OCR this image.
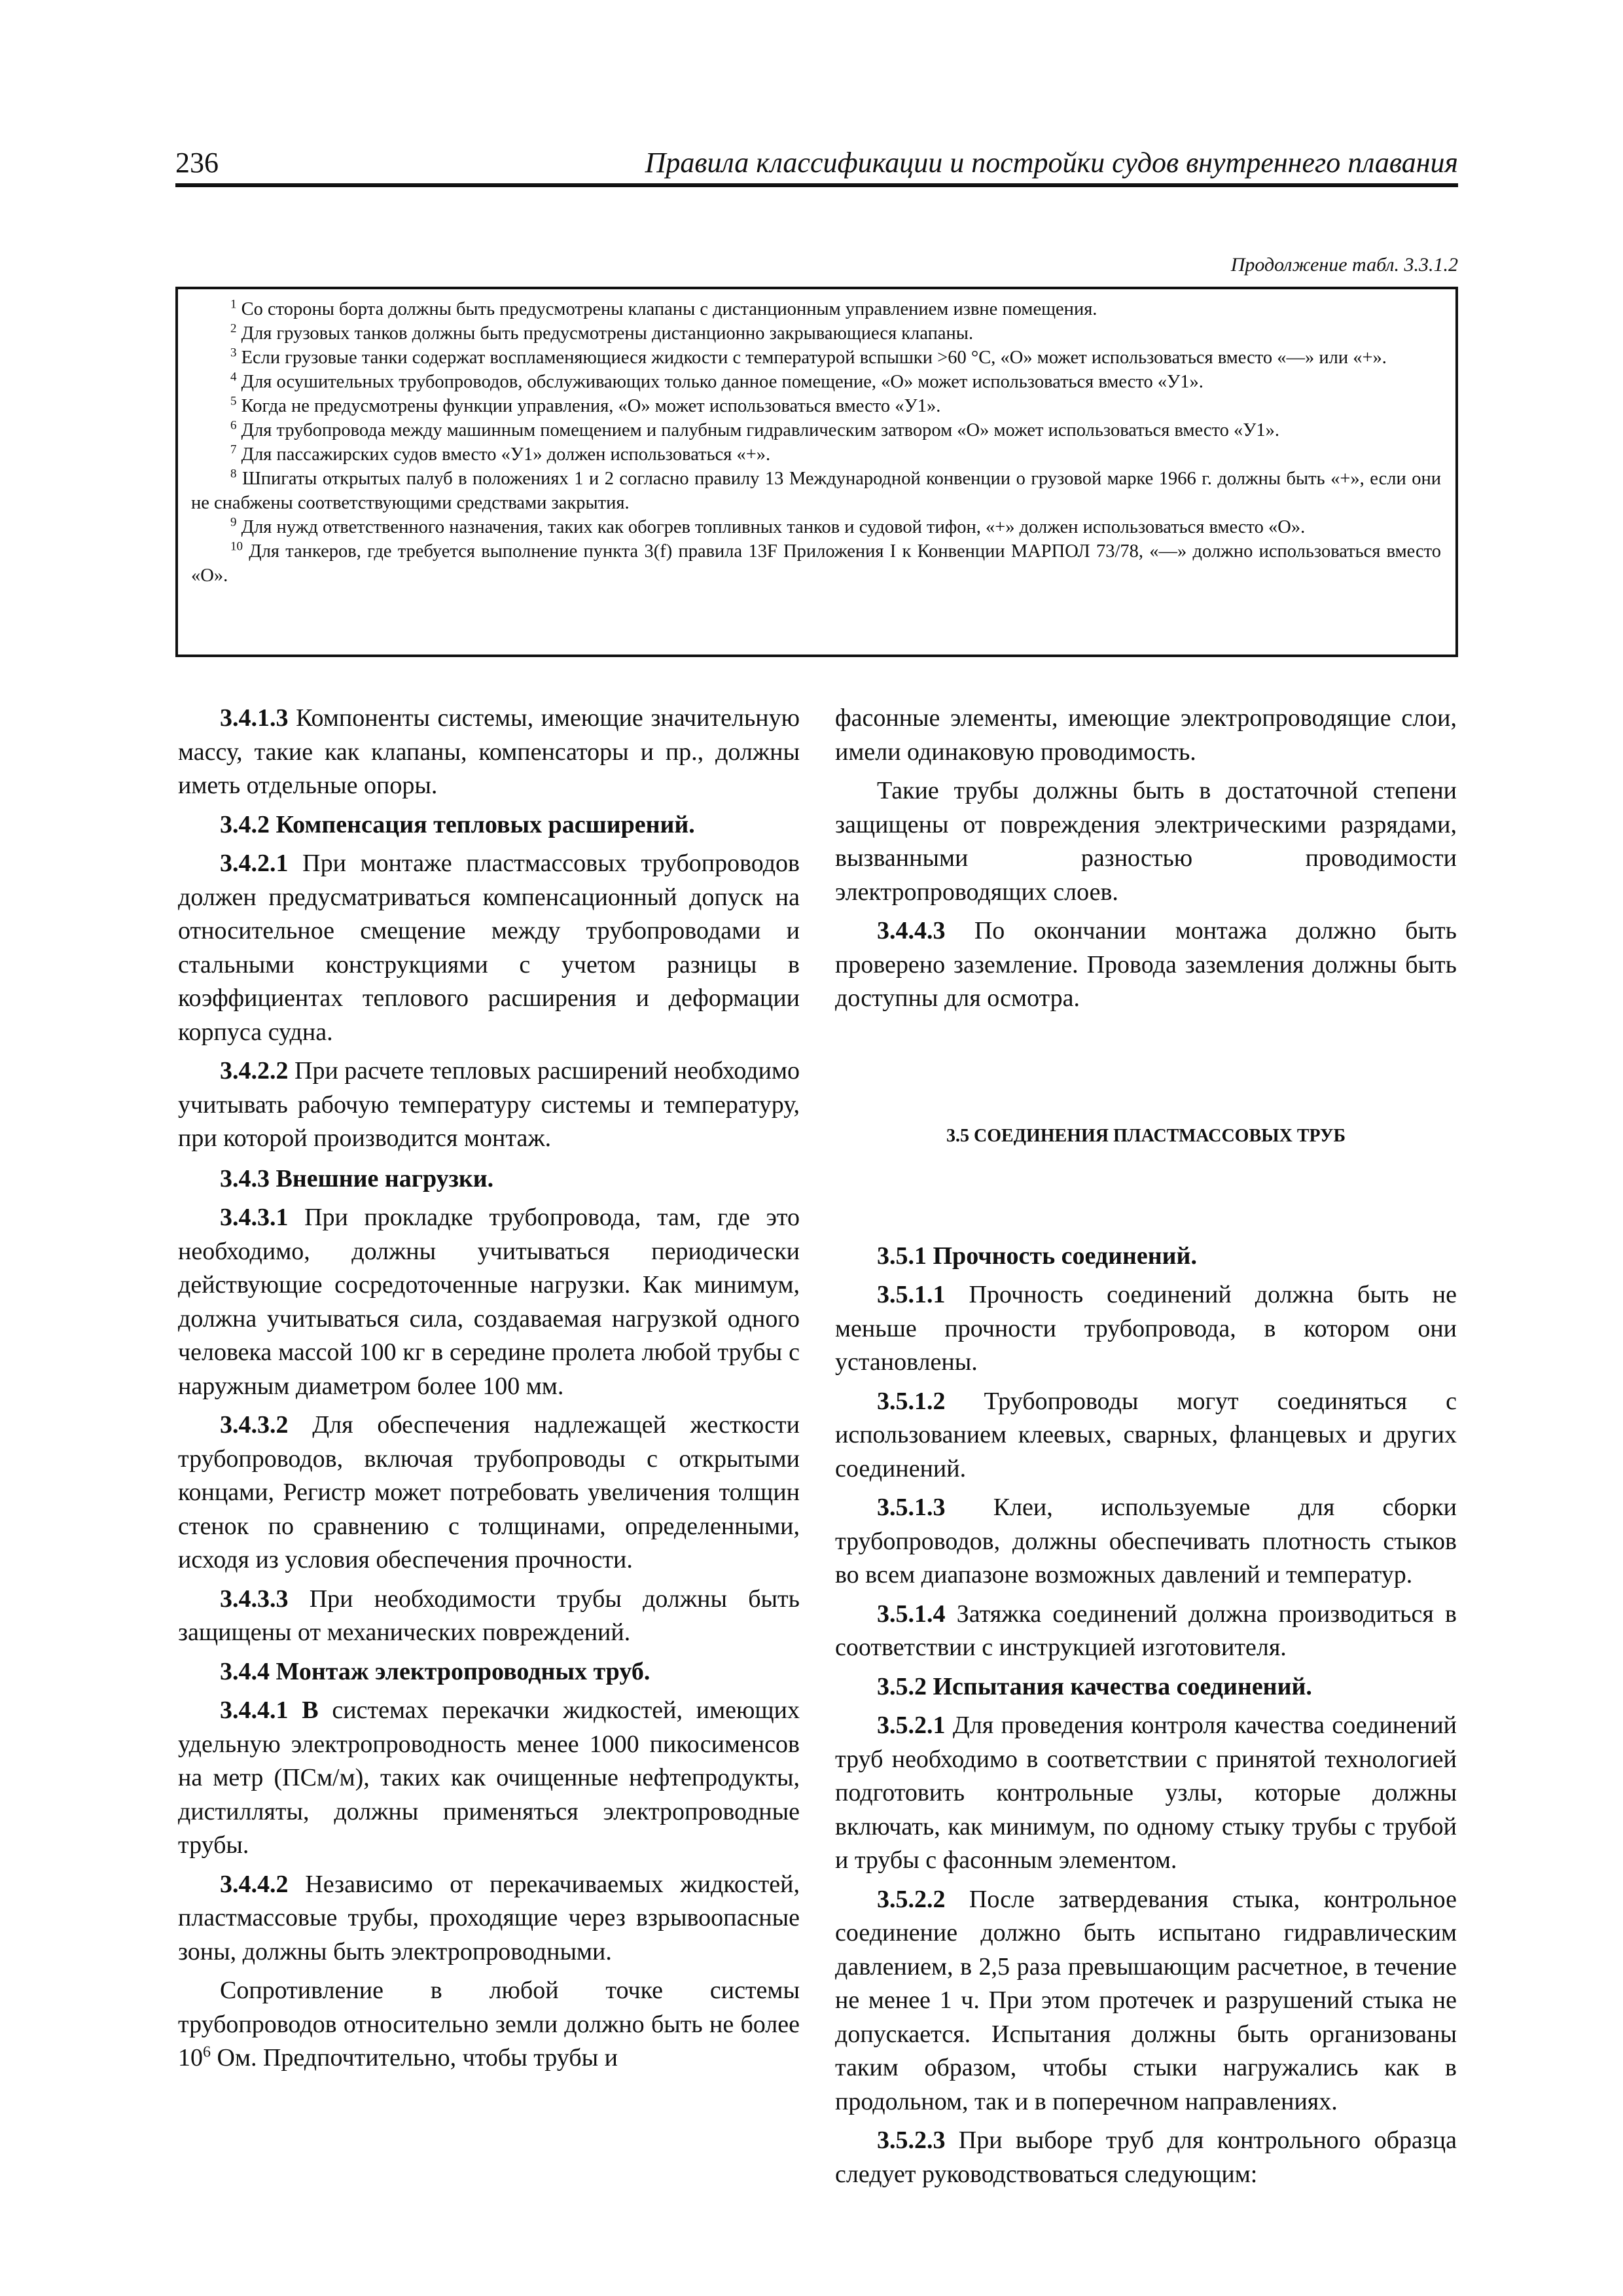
236	Правила классификации и постройки судов внутреннего плавания
Продолжение табл. 3.3.1.2

$^1$ Со стороны борта должны быть предусмотрены клапаны с дистанционным управлением извне помещения.

$^2$ Для грузовых танков должны быть предусмотрены дистанционно закрывающиеся клапаны.

$^3$ Если грузовые танки содержат воспламеняющиеся жидкости с температурой вспышки >60 °С, «О» может использоваться вместо «—» или «+».

$^4$ Для осушительных трубопроводов, обслуживающих только данное помещение, «О» может использоваться вместо «У1».

$^5$ Когда не предусмотрены функции управления, «О» может использоваться вместо «У1».

$^6$ Для трубопровода между машинным помещением и палубным гидравлическим затвором «О» может использоваться вместо «У1».

$^7$ Для пассажирских судов вместо «У1» должен использоваться «+».

$^8$ Шпигаты открытых палуб в положениях 1 и 2 согласно правилу 13 Международной конвенции о грузовой марке 1966 г. должны быть «+», если они не снабжены соответствующими средствами закрытия.

$^9$ Для нужд ответственного назначения, таких как обогрев топливных танков и судовой тифон, «+» должен использоваться вместо «О».

$^{10}$ Для танкеров, где требуется выполнение пункта 3(f) правила 13F Приложения I к Конвенции МАРПОЛ 73/78, «—» должно использоваться вместо «О».

3.4.1.3 Компоненты системы, имеющие значительную массу, такие как клапаны, компенсаторы и пр., должны иметь отдельные опоры.

3.4.2 Компенсация тепловых расширений.

3.4.2.1 При монтаже пластмассовых трубопроводов должен предусматриваться компенсационный допуск на относительное смещение между трубопроводами и стальными конструкциями с учетом разницы в коэффициентах теплового расширения и деформации корпуса судна.

3.4.2.2 При расчете тепловых расширений необходимо учитывать рабочую температуру системы и температуру, при которой производится монтаж.

3.4.3 Внешние нагрузки.

3.4.3.1 При прокладке трубопровода, там, где это необходимо, должны учитываться периодически действующие сосредоточенные нагрузки. Как минимум, должна учитываться сила, создаваемая нагрузкой одного человека массой 100 кг в середине пролета любой трубы с наружным диаметром более 100 мм.

3.4.3.2 Для обеспечения надлежащей жесткости трубопроводов, включая трубопроводы с открытыми концами, Регистр может потребовать увеличения толщин стенок по сравнению с толщинами, определенными, исходя из условия обеспечения прочности.

3.4.3.3 При необходимости трубы должны быть защищены от механических повреждений.

3.4.4 Монтаж электропроводных труб.

3.4.4.1 В системах перекачки жидкостей, имеющих удельную электропроводность менее 1000 пикосименсов на метр (ПСм/м), таких как очищенные нефтепродукты, дистилляты, должны применяться электропроводные трубы.

3.4.4.2 Независимо от перекачиваемых жидкостей, пластмассовые трубы, проходящие через взрывоопасные зоны, должны быть электропроводными.

Сопротивление в любой точке системы трубопроводов относительно земли должно быть не более $10^6$ Ом. Предпочтительно, чтобы трубы и

фасонные элементы, имеющие электропроводящие слои, имели одинаковую проводимость.

Такие трубы должны быть в достаточной степени защищены от повреждения электрическими разрядами, вызванными разностью проводимости электропроводящих слоев.

3.4.4.3 По окончании монтажа должно быть проверено заземление. Провода заземления должны быть доступны для осмотра.

3.5 СОЕДИНЕНИЯ ПЛАСТМАССОВЫХ ТРУБ

3.5.1 Прочность соединений.

3.5.1.1 Прочность соединений должна быть не меньше прочности трубопровода, в котором они установлены.

3.5.1.2 Трубопроводы могут соединяться с использованием клеевых, сварных, фланцевых и других соединений.

3.5.1.3 Клеи, используемые для сборки трубопроводов, должны обеспечивать плотность стыков во всем диапазоне возможных давлений и температур.

3.5.1.4 Затяжка соединений должна производиться в соответствии с инструкцией изготовителя.

3.5.2 Испытания качества соединений.

3.5.2.1 Для проведения контроля качества соединений труб необходимо в соответствии с принятой технологией подготовить контрольные узлы, которые должны включать, как минимум, по одному стыку трубы с трубой и трубы с фасонным элементом.

3.5.2.2 После затвердевания стыка, контрольное соединение должно быть испытано гидравлическим давлением, в 2,5 раза превышающим расчетное, в течение не менее 1 ч. При этом протечек и разрушений стыка не допускается. Испытания должны быть организованы таким образом, чтобы стыки нагружались как в продольном, так и в поперечном направлениях.

3.5.2.3 При выборе труб для контрольного образца следует руководствоваться следующим:
